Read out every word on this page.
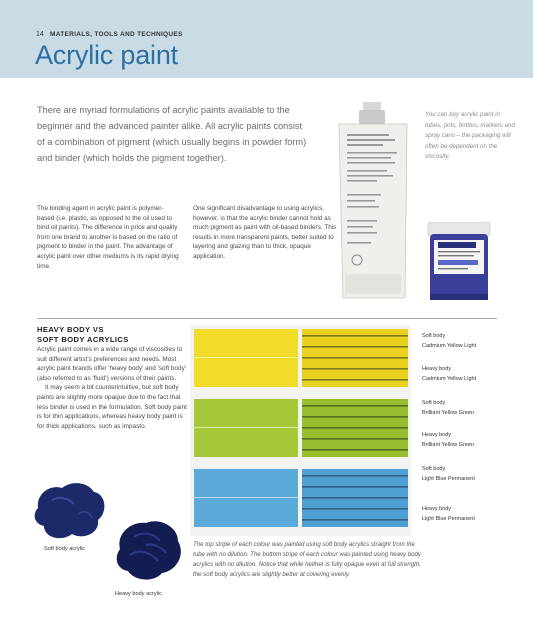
14 MATERIALS, TOOLS AND TECHNIQUES
Acrylic paint

There are myriad formulations of acrylic paints available to the beginner and the advanced painter alike. All acrylic paints consist of a combination of pigment (which usually begins in powder form) and binder (which holds the pigment together).

You can buy acrylic paint in tubes, pots, bottles, markers and spray cans – the packaging will often be dependent on the viscosity.

The binding agent in acrylic paint is polymer-based (i.e. plastic, as opposed to the oil used to bind oil paints). The difference in price and quality from one brand to another is based on the ratio of pigment to binder in the paint. The advantage of acrylic paint over other mediums is its rapid drying time.

One significant disadvantage to using acrylics, however, is that the acrylic binder cannot hold as much pigment as paint with oil-based binders. This results in more transparent paints, better suited to layering and glazing than to thick, opaque application.

HEAVY BODY VS
SOFT BODY ACRYLICS

Acrylic paint comes in a wide range of viscosities to suit different artist's preferences and needs. Most acrylic paint brands offer 'heavy body' and 'soft body' (also referred to as 'fluid') versions of their paints.

It may seem a bit counterintuitive, but soft body paints are slightly more opaque due to the fact that less binder is used in the formulation. Soft body paint is for thin applications, whereas heavy body paint is for thick applications, such as impasto.

Soft body acrylic
Heavy body acrylic
Soft body
Cadmium Yellow Light
Heavy body
Cadmium Yellow Light
Soft body
Brilliant Yellow Green
Heavy body
Brilliant Yellow Green
Soft body
Light Blue Permanent
Heavy body
Light Blue Permanent

The top stripe of each colour was painted using soft body acrylics straight from the tube with no dilution. The bottom stripe of each colour was painted using heavy body acrylics with no dilution. Notice that while neither is fully opaque even at full strength, the soft body acrylics are slightly better at covering evenly.
